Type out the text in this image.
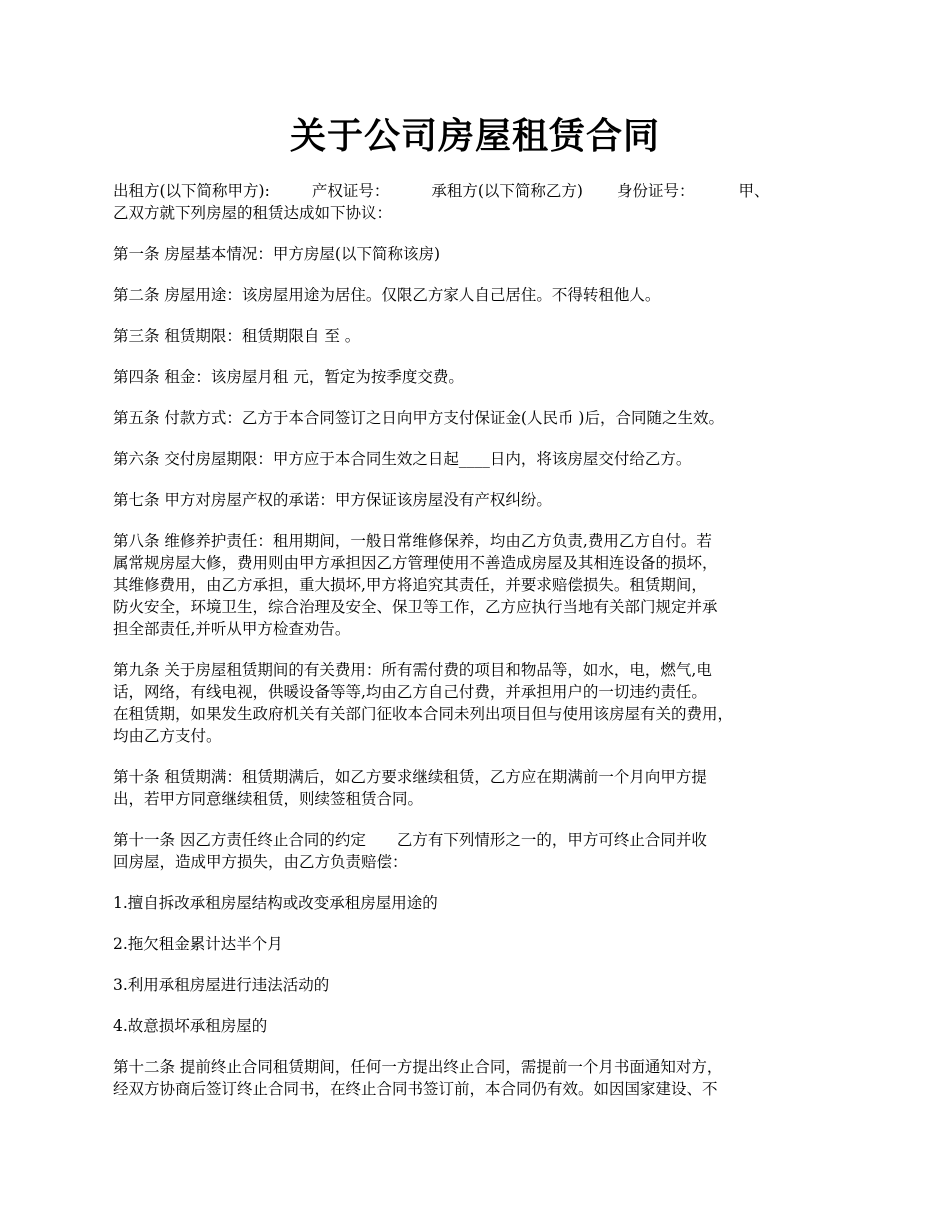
关于公司房屋租赁合同
出租方(以下简称甲方):	产权证号：	承租方(以下简称乙方) 身份证号：	甲、
乙双方就下列房屋的租赁达成如下协议：
第一条 房屋基本情况：甲方房屋(以下简称该房)
第二条 房屋用途：该房屋用途为居住。仅限乙方家人自己居住。不得转租他人。
第三条 租赁期限：租赁期限自 至 。
第四条 租金：该房屋月租 元，暂定为按季度交费。
第五条 付款方式：乙方于本合同签订之日向甲方支付保证金(人民币 )后，合同随之生效。
第六条 交付房屋期限：甲方应于本合同生效之日起____日内，将该房屋交付给乙方。
第七条 甲方对房屋产权的承诺：甲方保证该房屋没有产权纠纷。
第八条 维修养护责任：租用期间，一般日常维修保养，均由乙方负责,费用乙方自付。若
属常规房屋大修，费用则由甲方承担因乙方管理使用不善造成房屋及其相连设备的损坏，
其维修费用，由乙方承担，重大损坏,甲方将追究其责任，并要求赔偿损失。租赁期间，
防火安全，环境卫生，综合治理及安全、保卫等工作，乙方应执行当地有关部门规定并承
担全部责任,并听从甲方检查劝告。
第九条 关于房屋租赁期间的有关费用：所有需付费的项目和物品等，如水，电，燃气,电
话，网络，有线电视，供暖设备等等,均由乙方自己付费，并承担用户的一切违约责任。
在租赁期，如果发生政府机关有关部门征收本合同未列出项目但与使用该房屋有关的费用，
均由乙方支付。
第十条 租赁期满：租赁期满后，如乙方要求继续租赁，乙方应在期满前一个月向甲方提
出，若甲方同意继续租赁，则续签租赁合同。
第十一条 因乙方责任终止合同的约定　　乙方有下列情形之一的，甲方可终止合同并收
回房屋，造成甲方损失，由乙方负责赔偿：
1.擅自拆改承租房屋结构或改变承租房屋用途的
2.拖欠租金累计达半个月
3.利用承租房屋进行违法活动的
4.故意损坏承租房屋的
第十二条 提前终止合同租赁期间，任何一方提出终止合同，需提前一个月书面通知对方，
经双方协商后签订终止合同书，在终止合同书签订前，本合同仍有效。如因国家建设、不
